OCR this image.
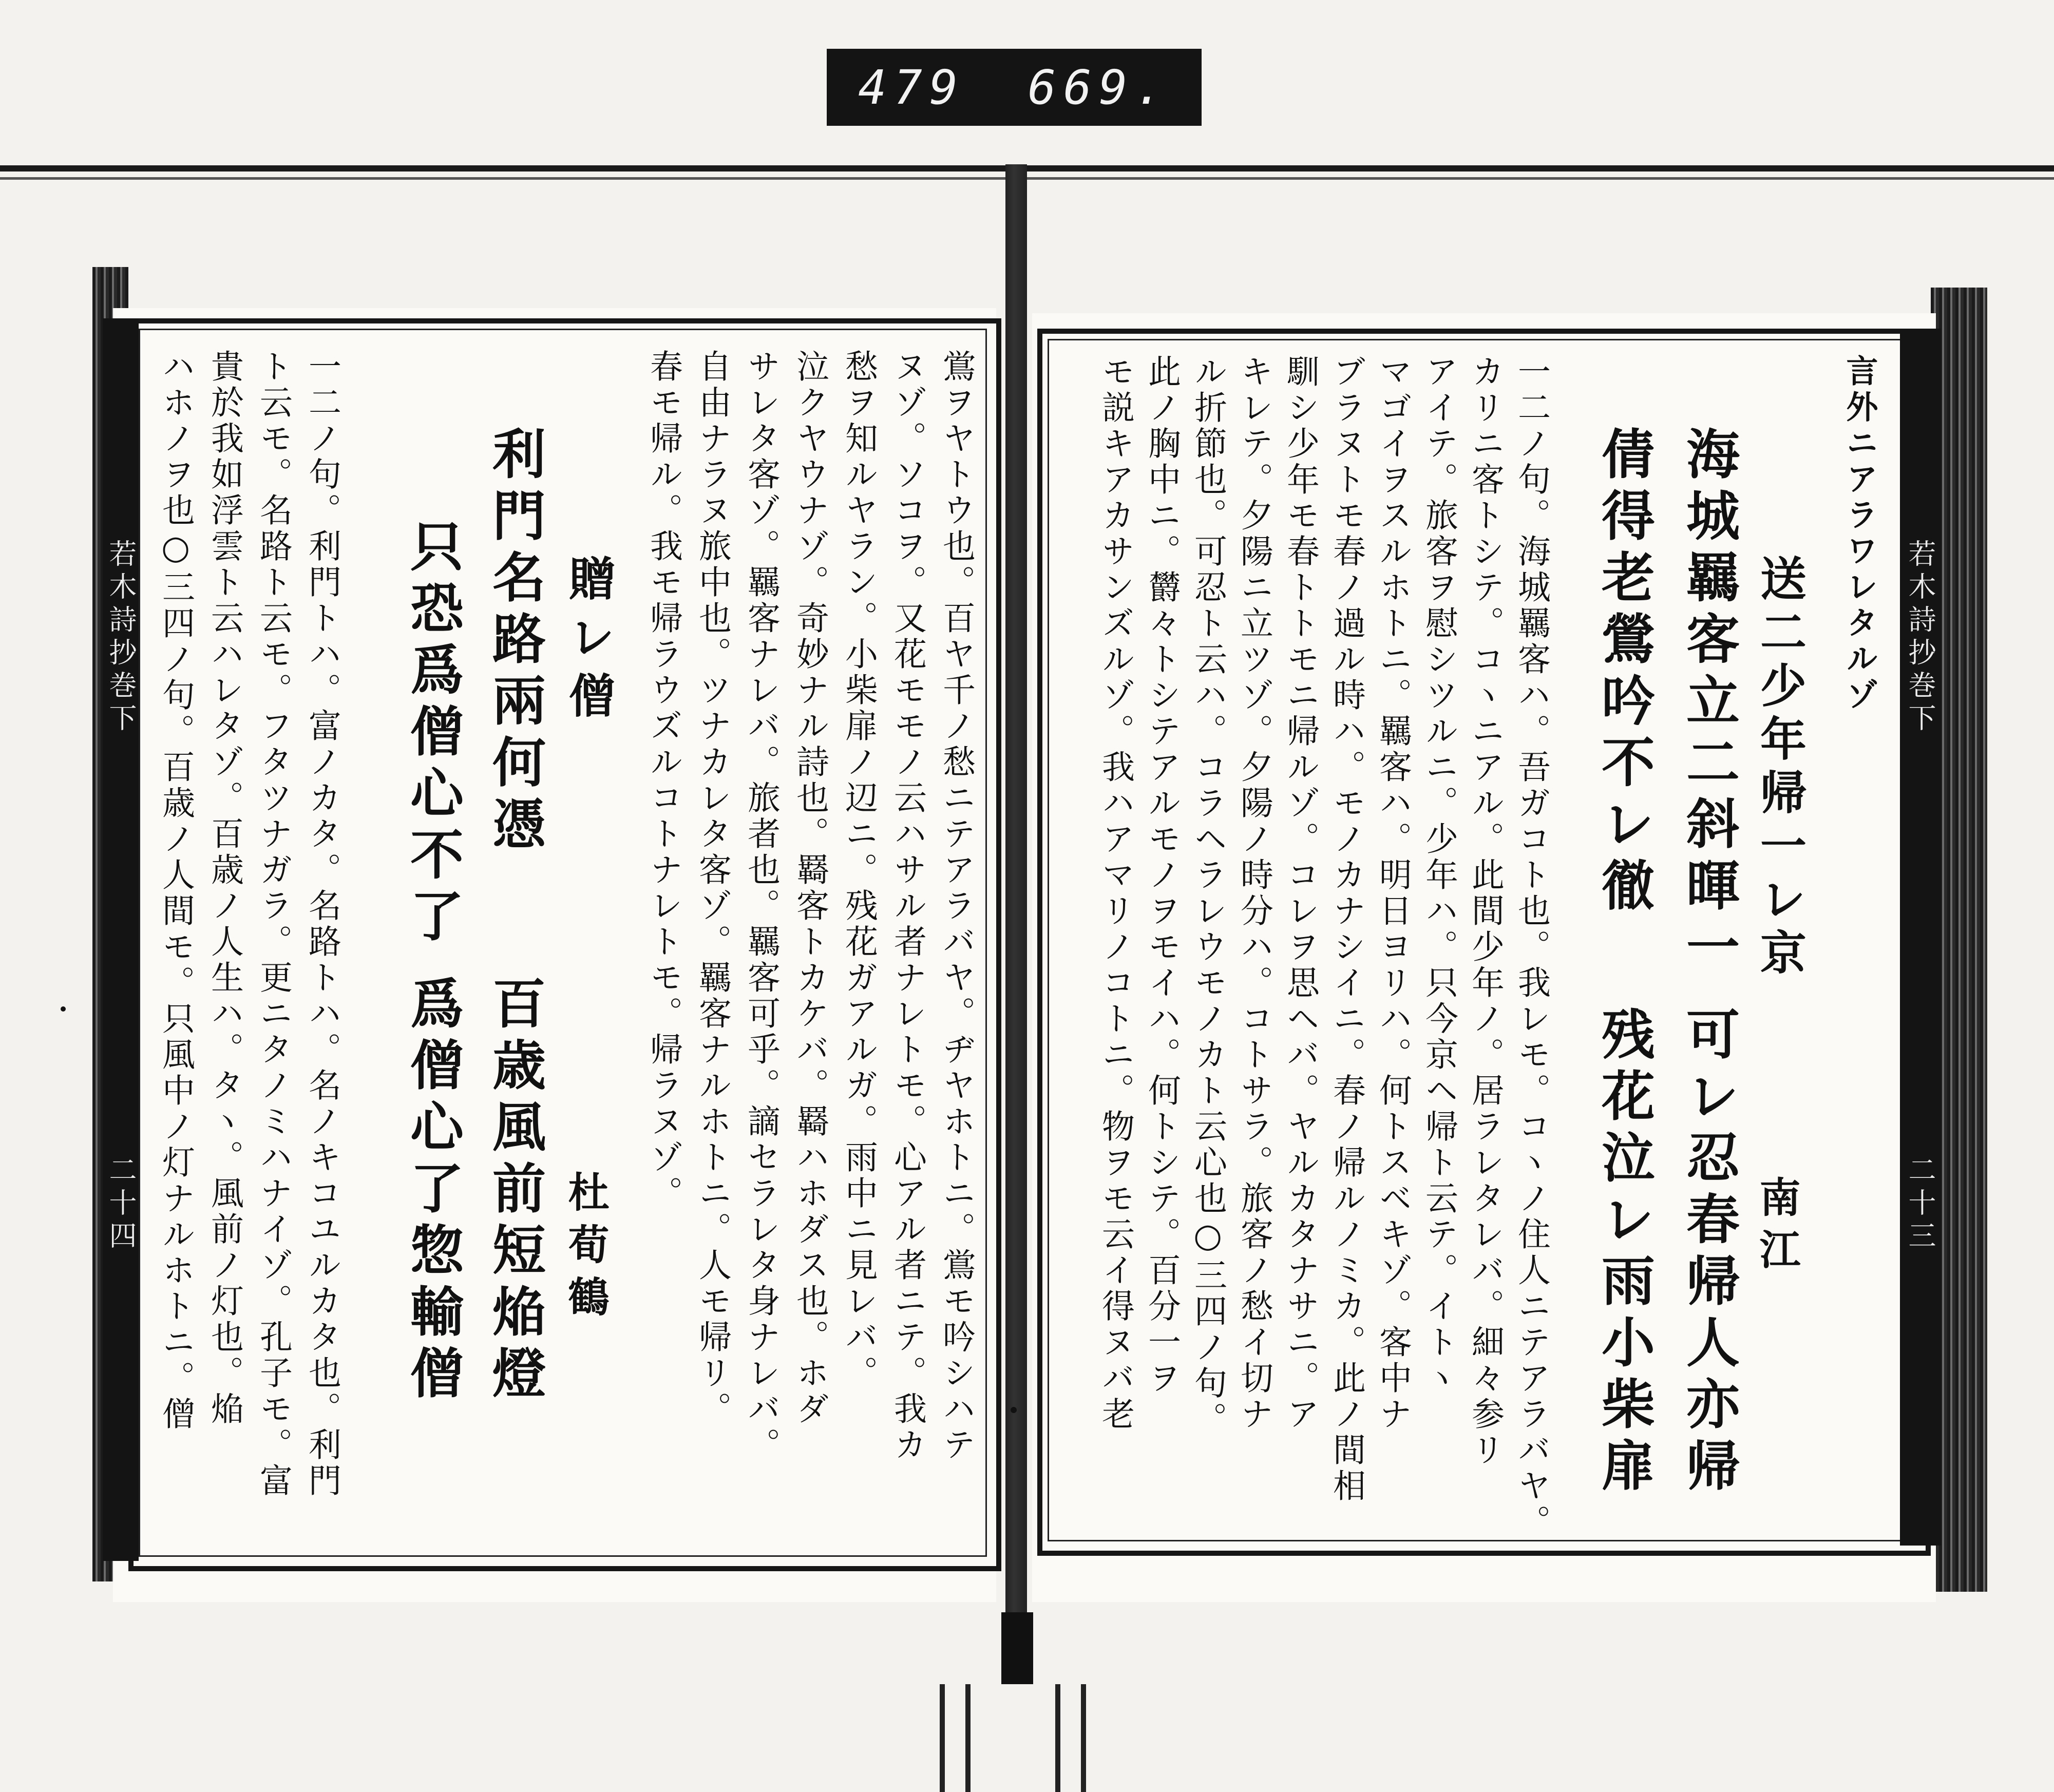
479 669.
若木詩抄巻下
二十四	鴬ヲヤトウ也。百ヤ千ノ愁ニテアラバヤ。ヂヤホトニ。鴬モ吟シハテ
ヌゾ。ソコヲ。又花モモノ云ハサル者ナレトモ。心アル者ニテ。我カ
愁ヲ知ルヤラン。小柴扉ノ辺ニ。残花ガアルガ。雨中ニ見レバ。
泣クヤウナゾ。奇妙ナル詩也。羇客トカケバ。羇ハホダス也。ホダ
サレタ客ゾ。羈客ナレバ。旅者也。羈客可乎。謫セラレタ身ナレバ。
自由ナラヌ旅中也。ツナカレタ客ゾ。羈客ナルホトニ。人モ帰リ。
春モ帰ル。我モ帰ラウズルコトナレトモ。帰ラヌゾ。
贈レ僧
杜荀鶴
利門名路兩何憑
只恐爲僧心不了
百歳風前短焔燈
爲僧心了惣輸僧
一二ノ句。利門トハ。富ノカタ。名路トハ。名ノキコユルカタ也。利門
ト云モ。名路ト云モ。フタツナガラ。更ニタノミハナイゾ。孔子モ。富
貴於我如浮雲ト云ハレタゾ。百歳ノ人生ハ。タヽ。風前ノ灯也。焔
ハホノヲ也○三四ノ句。百歳ノ人間モ。只風中ノ灯ナルホトニ。僧	若木詩抄巻下
二十三
言外ニアラワレタルゾ
送二少年帰一レ京
南江
海城羈客立二斜暉一
倩得老鶯吟不レ徹
可レ忍春帰人亦帰
残花泣レ雨小柴扉
一二ノ句。海城羈客ハ。吾ガコト也。我レモ。コヽノ住人ニテアラバヤ。
カリニ客トシテ。コヽニアル。此間少年ノ。居ラレタレバ。細々参リ
アイテ。旅客ヲ慰シツルニ。少年ハ。只今京ヘ帰ト云テ。イトヽ
マゴイヲスルホトニ。羈客ハ。明日ヨリハ。何トスベキゾ。客中ナ
ブラヌトモ春ノ過ル時ハ。モノカナシイニ。春ノ帰ルノミカ。此ノ間相
馴シ少年モ春トトモニ帰ルゾ。コレヲ思ヘバ。ヤルカタナサニ。ア
キレテ。夕陽ニ立ツゾ。夕陽ノ時分ハ。コトサラ。旅客ノ愁イ切ナ
ル折節也。可忍ト云ハ。コラヘラレウモノカト云心也○三四ノ句。
此ノ胸中ニ。欝々トシテアルモノヲモイハ。何トシテ。百分一ヲ
モ説キアカサンズルゾ。我ハアマリノコトニ。物ヲモ云イ得ヌバ老
